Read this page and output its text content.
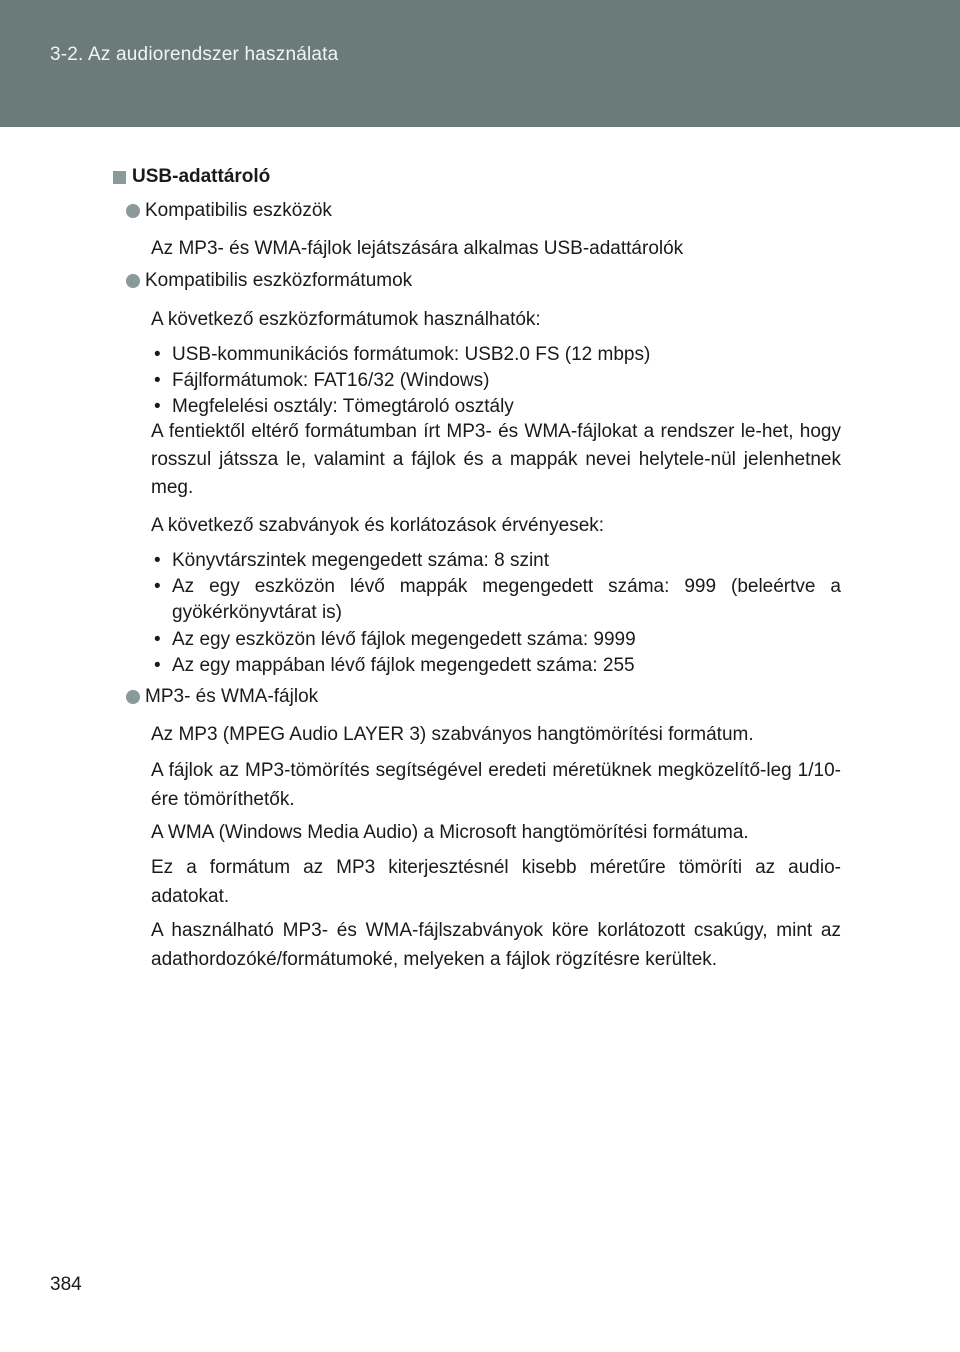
3-2. Az audiorendszer használata
USB-adattároló
Kompatibilis eszközök
Az MP3- és WMA-fájlok lejátszására alkalmas USB-adattárolók
Kompatibilis eszközformátumok
A következő eszközformátumok használhatók:
• USB-kommunikációs formátumok: USB2.0 FS (12 mbps)
• Fájlformátumok: FAT16/32 (Windows)
• Megfelelési osztály: Tömegtároló osztály
A fentiektől eltérő formátumban írt MP3- és WMA-fájlokat a rendszer le-het, hogy rosszul játssza le, valamint a fájlok és a mappák nevei helytele-nül jelenhetnek meg.
A következő szabványok és korlátozások érvényesek:
• Könyvtárszintek megengedett száma: 8 szint
• Az egy eszközön lévő mappák megengedett száma: 999 (beleértve a gyökérkönyvtárat is)
• Az egy eszközön lévő fájlok megengedett száma: 9999
• Az egy mappában lévő fájlok megengedett száma: 255
MP3- és WMA-fájlok
Az MP3 (MPEG Audio LAYER 3) szabványos hangtömörítési formátum.
A fájlok az MP3-tömörítés segítségével eredeti méretüknek megközelítő-leg 1/10-ére tömöríthetők.
A WMA (Windows Media Audio) a Microsoft hangtömörítési formátuma.
Ez a formátum az MP3 kiterjesztésnél kisebb méretűre tömöríti az audio-adatokat.
A használható MP3- és WMA-fájlszabványok köre korlátozott csakúgy, mint az adathordozóké/formátumoké, melyeken a fájlok rögzítésre kerültek.
384
